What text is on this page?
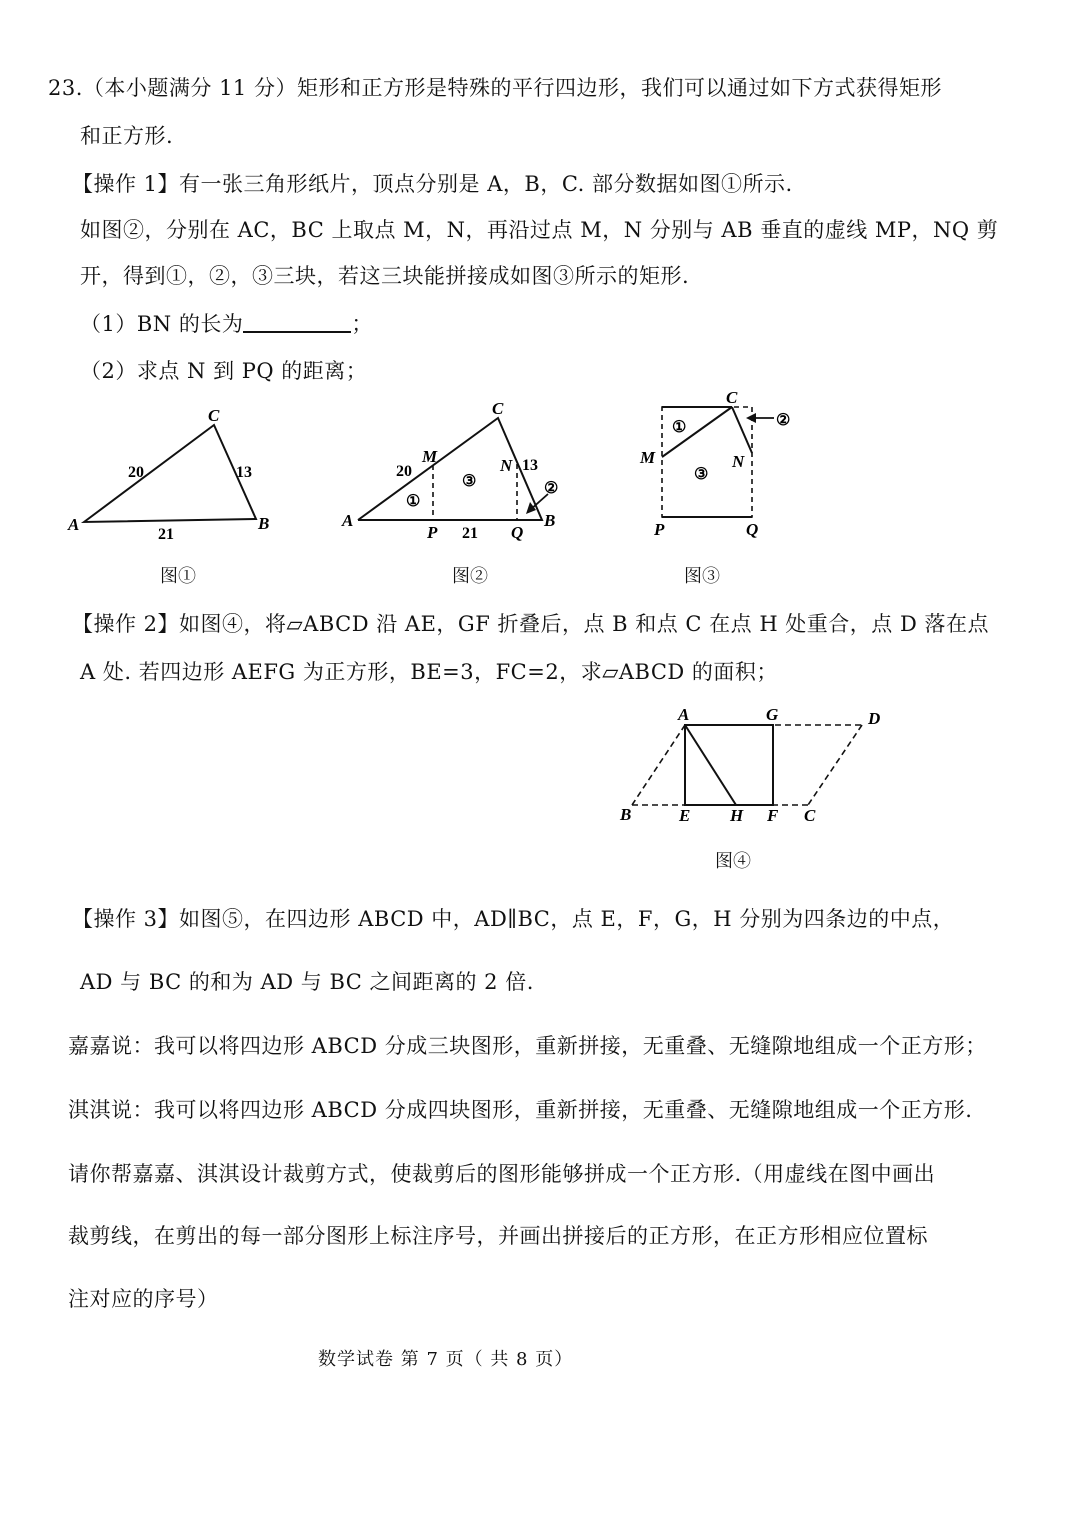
23.（本小题满分 11 分）矩形和正方形是特殊的平行四边形，我们可以通过如下方式获得矩形
和正方形.
【操作 1】有一张三角形纸片，顶点分别是 A，B，C. 部分数据如图①所示.
如图②，分别在 AC，BC 上取点 M，N，再沿过点 M，N 分别与 AB 垂直的虚线 MP，NQ 剪
开，得到①，②，③三块，若这三块能拼接成如图③所示的矩形.
（1）BN 的长为	；
（2）求点 N 到 PQ 的距离；
A	B
C
20	13
21
图①
A	B
C
M	N
P	Q
20	13
21
①
③	②
图②
C
M	N
P	Q
①
③
②
图③
【操作 2】如图④，将▱ABCD 沿 AE，GF 折叠后，点 B 和点 C 在点 H 处重合，点 D 落在点
A 处. 若四边形 AEFG 为正方形，BE=3，FC=2，求▱ABCD 的面积；
A	G	D
B	E H F C
图④
【操作 3】如图⑤，在四边形 ABCD 中，AD∥BC，点 E，F，G，H 分别为四条边的中点，
AD 与 BC 的和为 AD 与 BC 之间距离的 2 倍.
嘉嘉说：我可以将四边形 ABCD 分成三块图形，重新拼接，无重叠、无缝隙地组成一个正方形；
淇淇说：我可以将四边形 ABCD 分成四块图形，重新拼接，无重叠、无缝隙地组成一个正方形.
请你帮嘉嘉、淇淇设计裁剪方式，使裁剪后的图形能够拼成一个正方形.（用虚线在图中画出
裁剪线，在剪出的每一部分图形上标注序号，并画出拼接后的正方形，在正方形相应位置标
注对应的序号）
数学试卷 第 7 页（ 共 8 页）
